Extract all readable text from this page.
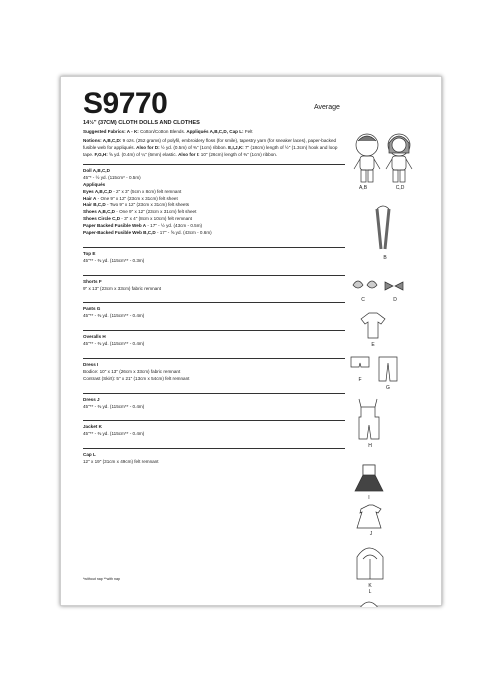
S9770	Average
14½" (37CM) CLOTH DOLLS AND CLOTHES

Suggested Fabrics: A - K: Cotton/Cotton Blends. Appliqués A,B,C,D, Cap L: Felt

Notions: A,B,C,D: 9 ozs. (252 grams) of polyfil, embroidery floss (for smile), tapestry yarn (for sneaker laces), paper-backed fusible web for appliqués. Also for D: ½ yd. (0.5m) of ⅜" (1cm) ribbon. E,I,J,K: 7" (18cm) length of ½" (1.3cm) hook and loop tape. F,G,H: ⅝ yd. (0.4m) of ¼" (6mm) elastic. Also for I: 10" (26cm) length of ⅜" (1cm) ribbon.

Doll A,B,C,D
45"* - ½ yd. (115cm* - 0.5m)
Appliqués
Eyes A,B,C,D - 2" x 3" (5cm x 8cm) felt remnant
Hair A - One 9" x 12" (23cm x 31cm) felt sheet
Hair B,C,D - Two 9" x 12" (23cm x 31cm) felt sheets
Shoes A,B,C,D - One 9" x 12" (23cm x 31cm) felt sheet
Shoes Circle C,D - 3" x 4" (8cm x 10cm) felt remnant
Paper Backed Fusible Web A - 17" - ½ yd. (43cm - 0.5m)
Paper-Backed Fusible Web B,C,D - 17" - ⅝ yd. (43cm - 0.6m)
Top E
45"** - ⅜ yd. (115cm** - 0.3m)
Shorts F
9" x 13" (23cm x 33cm) fabric remnant
Pants G
45"** - ⅜ yd. (115cm** - 0.4m)
Overalls H
45"** - ⅜ yd. (115cm** - 0.4m)
Dress I
Bodice: 10" x 13" (26cm x 33cm) fabric remnant
Contrast (Skirt): 5" x 21" (13cm x 54cm) felt remnant
Dress J
45"** - ⅜ yd. (115cm** - 0.4m)
Jacket K
45"** - ⅜ yd. (115cm** - 0.4m)
Cap L
12" x 19" (31cm x 49cm) felt remnant
*without nap **with nap
A,B	C,D
B
C	D
E
F
G
H
I
J
K
L
